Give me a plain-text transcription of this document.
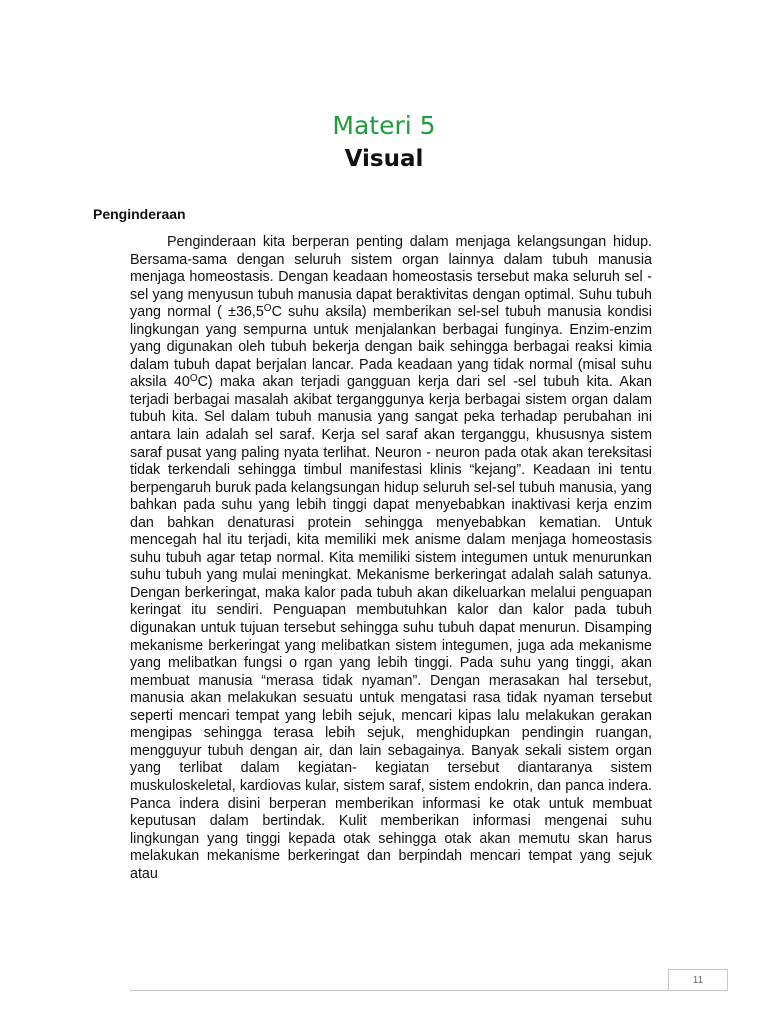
Materi 5
Visual
Penginderaan

Penginderaan kita berperan penting dalam menjaga kelangsungan hidup. Bersama-sama dengan seluruh sistem organ lainnya dalam tubuh manusia menjaga homeostasis. Dengan keadaan homeostasis tersebut maka seluruh sel -sel yang menyusun tubuh manusia dapat beraktivitas dengan optimal. Suhu tubuh yang normal ( $\pm 36,5^OC$ suhu aksila) memberikan sel-sel tubuh manusia kondisi lingkungan yang sempurna untuk menjalankan berbagai funginya. Enzim-enzim yang digunakan oleh tubuh bekerja dengan baik sehingga berbagai reaksi kimia dalam tubuh dapat berjalan lancar. Pada keadaan yang tidak normal (misal suhu aksila $40^OC$) maka akan terjadi gangguan kerja dari sel -sel tubuh kita. Akan terjadi berbagai masalah akibat terganggunya kerja berbagai sistem organ dalam tubuh kita. Sel dalam tubuh manusia yang sangat peka terhadap perubahan ini antara lain adalah sel saraf. Kerja sel saraf akan terganggu, khususnya sistem saraf pusat yang paling nyata terlihat. Neuron - neuron pada otak akan tereksitasi tidak terkendali sehingga timbul manifestasi klinis “kejang”. Keadaan ini tentu berpengaruh buruk pada kelangsungan hidup seluruh sel-sel tubuh manusia, yang bahkan pada suhu yang lebih tinggi dapat menyebabkan inaktivasi kerja enzim dan bahkan denaturasi protein sehingga menyebabkan kematian. Untuk mencegah hal itu terjadi, kita memiliki mek anisme dalam menjaga homeostasis suhu tubuh agar tetap normal. Kita memiliki sistem integumen untuk menurunkan suhu tubuh yang mulai meningkat. Mekanisme berkeringat adalah salah satunya. Dengan berkeringat, maka kalor pada tubuh akan dikeluarkan melalui penguapan keringat itu sendiri. Penguapan membutuhkan kalor dan kalor pada tubuh digunakan untuk tujuan tersebut sehingga suhu tubuh dapat menurun. Disamping mekanisme berkeringat yang melibatkan sistem integumen, juga ada mekanisme yang melibatkan fungsi o rgan yang lebih tinggi. Pada suhu yang tinggi, akan membuat manusia “merasa tidak nyaman”. Dengan merasakan hal tersebut, manusia akan melakukan sesuatu untuk mengatasi rasa tidak nyaman tersebut seperti mencari tempat yang lebih sejuk, mencari kipas lalu melakukan gerakan mengipas sehingga terasa lebih sejuk, menghidupkan pendingin ruangan, mengguyur tubuh dengan air, dan lain sebagainya. Banyak sekali sistem organ yang terlibat dalam kegiatan- kegiatan tersebut diantaranya sistem muskuloskeletal, kardiovas kular, sistem saraf, sistem endokrin, dan panca indera. Panca indera disini berperan memberikan informasi ke otak untuk membuat keputusan dalam bertindak. Kulit memberikan informasi mengenai suhu lingkungan yang tinggi kepada otak sehingga otak akan memutu skan harus melakukan mekanisme berkeringat dan berpindah mencari tempat yang sejuk atau

11
